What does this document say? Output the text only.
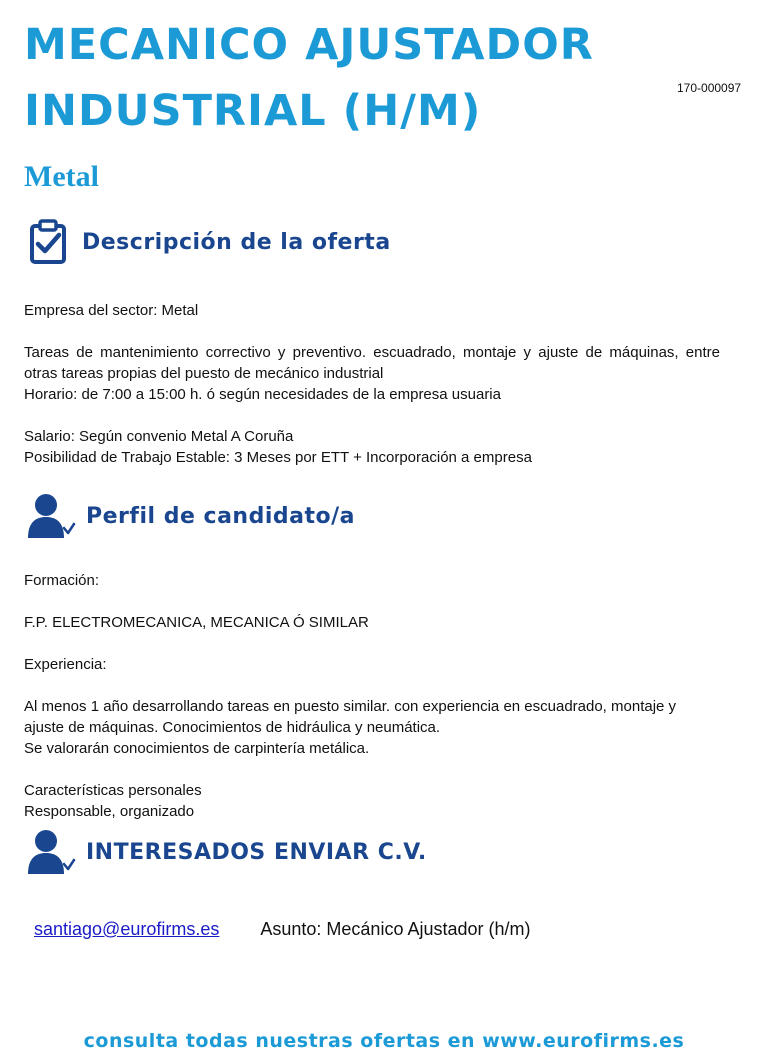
MECANICO AJUSTADOR
INDUSTRIAL (H/M)	170-000097
Metal
Descripción de la oferta

Empresa del sector: Metal

Tareas de mantenimiento correctivo y preventivo. escuadrado, montaje y ajuste de máquinas, entre otras tareas propias del puesto de mecánico industrial

Horario: de 7:00 a 15:00 h. ó según necesidades de la empresa usuaria

Salario: Según convenio Metal A Coruña

Posibilidad de Trabajo Estable: 3 Meses por ETT + Incorporación a empresa

Perfil de candidato/a

Formación:

F.P. ELECTROMECANICA, MECANICA Ó SIMILAR

Experiencia:

Al menos 1 año desarrollando tareas en puesto similar. con experiencia en escuadrado, montaje y ajuste de máquinas. Conocimientos de hidráulica y neumática.

Se valorarán conocimientos de carpintería metálica.

Características personales

Responsable, organizado

INTERESADOS ENVIAR C.V.
santiago@eurofirms.es Asunto: Mecánico Ajustador (h/m)
consulta todas nuestras ofertas en www.eurofirms.es
